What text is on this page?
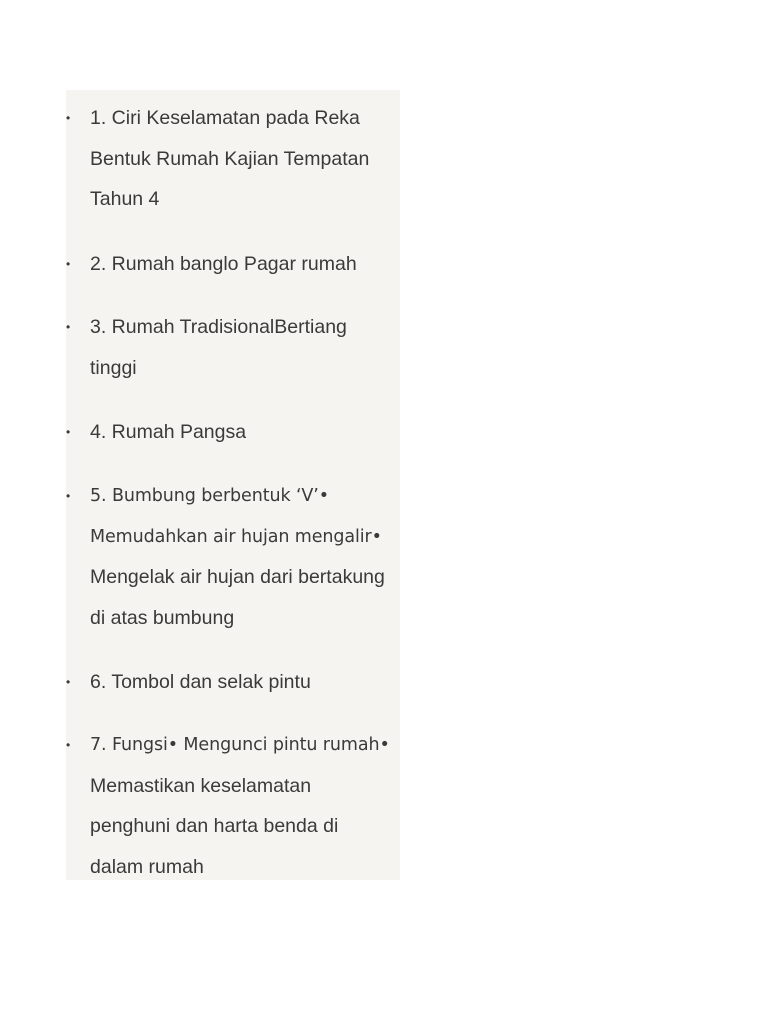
• 1. Ciri Keselamatan pada Reka
Bentuk Rumah Kajian Tempatan
Tahun 4
• 2. Rumah banglo Pagar rumah
• 3. Rumah TradisionalBertiang
tinggi
• 4. Rumah Pangsa
•	5. Bumbung berbentuk ‘V’•
Memudahkan air hujan mengalir•
Mengelak air hujan dari bertakung
di atas bumbung
• 6. Tombol dan selak pintu
•	7. Fungsi• Mengunci pintu rumah•
Memastikan keselamatan
penghuni dan harta benda di
dalam rumah
